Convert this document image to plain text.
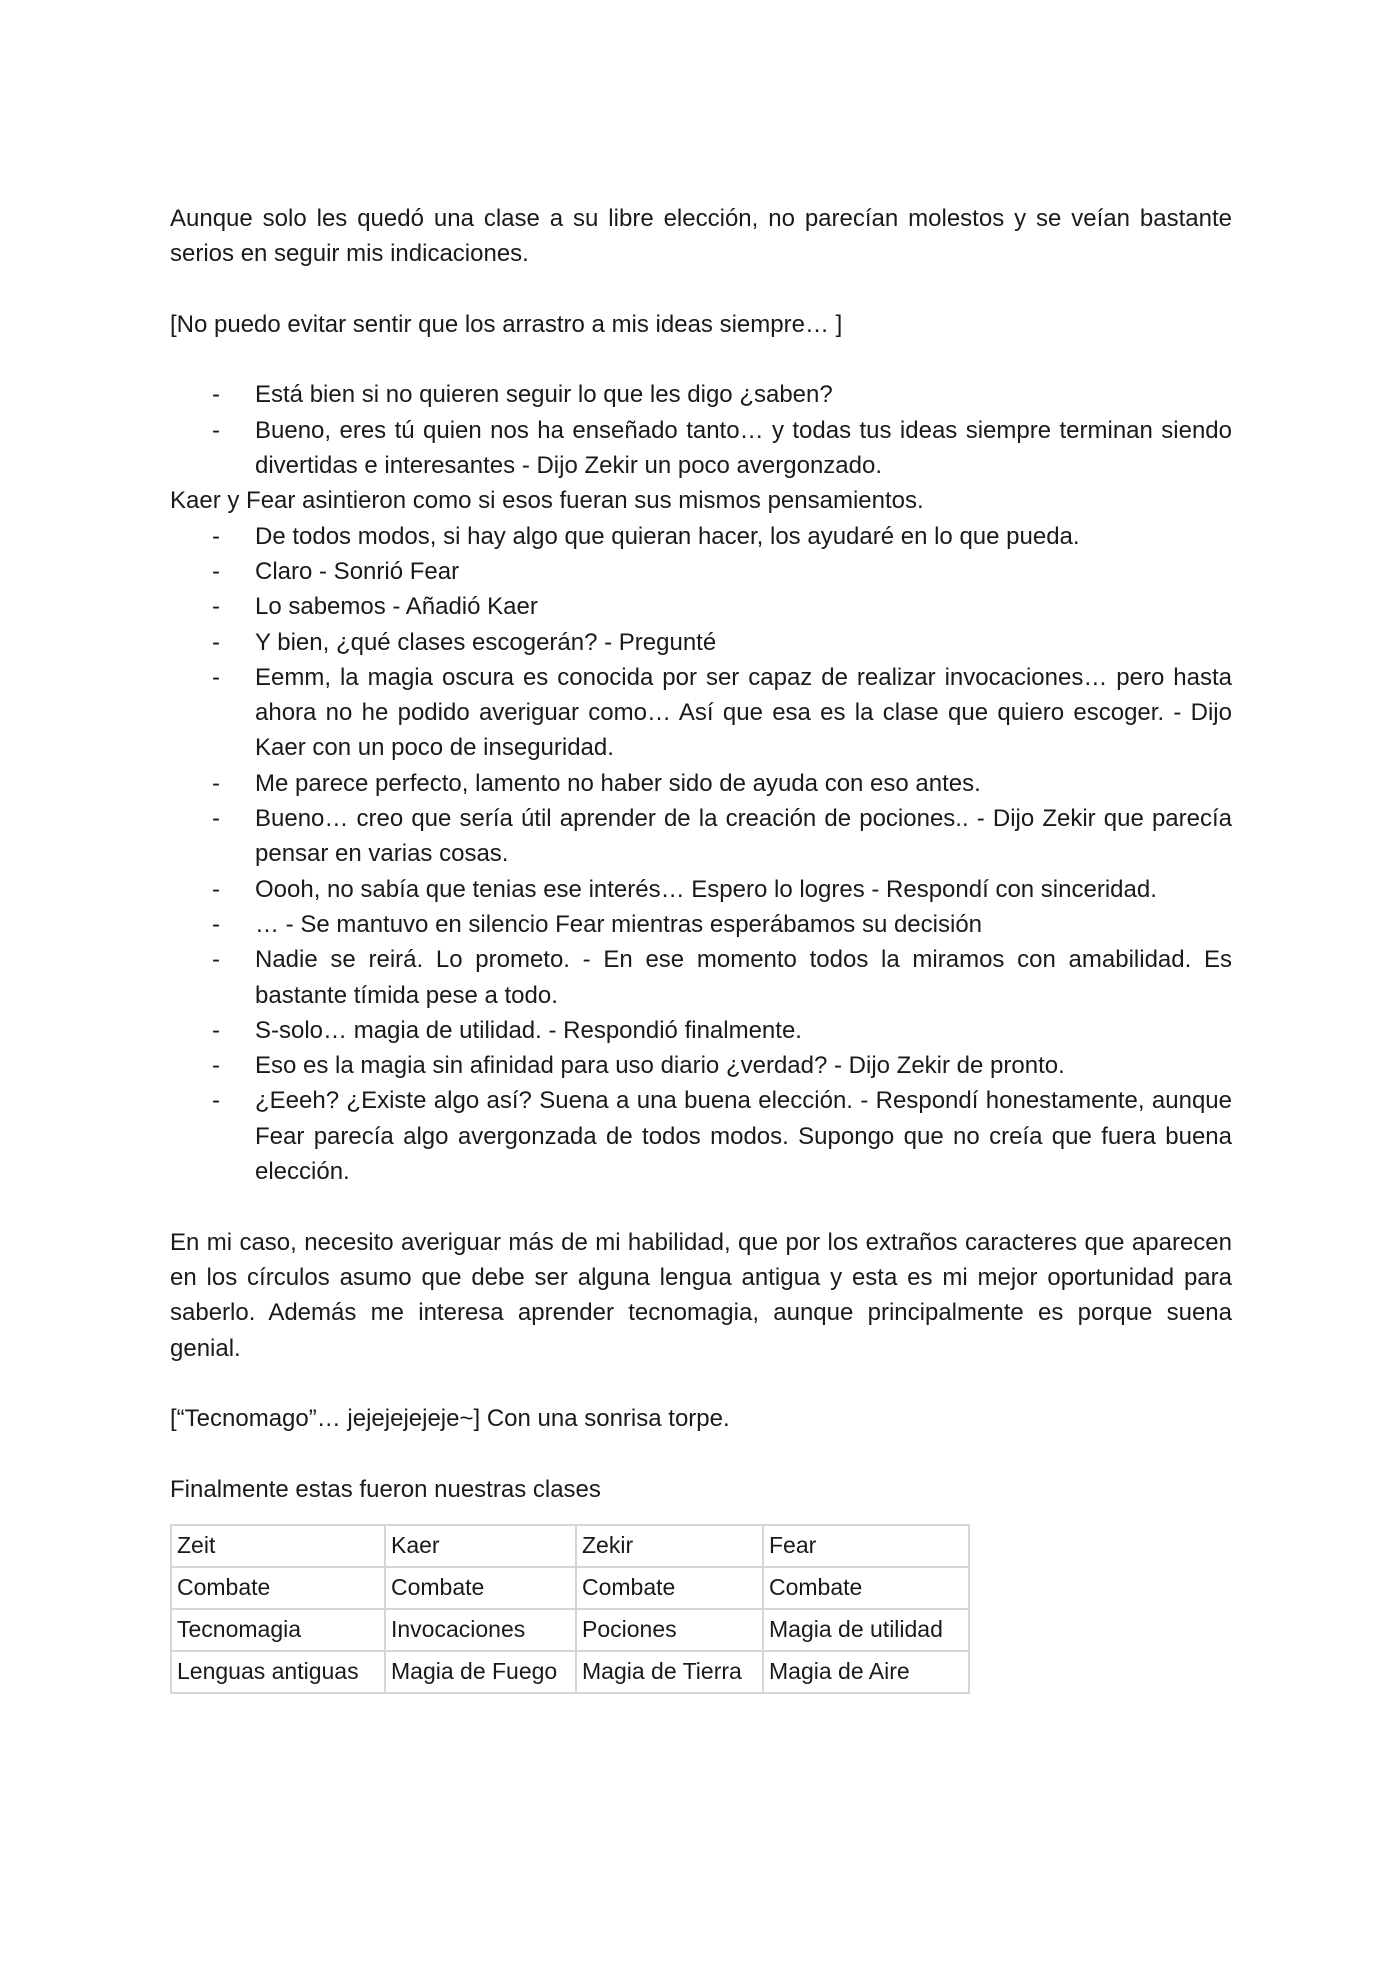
Aunque solo les quedó una clase a su libre elección, no parecían molestos y se veían bastante serios en seguir mis indicaciones.

[No puedo evitar sentir que los arrastro a mis ideas siempre… ]

- Está bien si no quieren seguir lo que les digo ¿saben?
- Bueno, eres tú quien nos ha enseñado tanto… y todas tus ideas siempre terminan siendo divertidas e interesantes - Dijo Zekir un poco avergonzado.

Kaer y Fear asintieron como si esos fueran sus mismos pensamientos.

- De todos modos, si hay algo que quieran hacer, los ayudaré en lo que pueda.
- Claro - Sonrió Fear
- Lo sabemos - Añadió Kaer
- Y bien, ¿qué clases escogerán? - Pregunté
- Eemm, la magia oscura es conocida por ser capaz de realizar invocaciones… pero hasta ahora no he podido averiguar como… Así que esa es la clase que quiero escoger. - Dijo Kaer con un poco de inseguridad.
- Me parece perfecto, lamento no haber sido de ayuda con eso antes.
- Bueno… creo que sería útil aprender de la creación de pociones.. - Dijo Zekir que parecía pensar en varias cosas.
- Oooh, no sabía que tenias ese interés… Espero lo logres - Respondí con sinceridad.
- … - Se mantuvo en silencio Fear mientras esperábamos su decisión
- Nadie se reirá. Lo prometo. - En ese momento todos la miramos con amabilidad. Es bastante tímida pese a todo.
- S-solo… magia de utilidad. - Respondió finalmente.
- Eso es la magia sin afinidad para uso diario ¿verdad? - Dijo Zekir de pronto.
- ¿Eeeh? ¿Existe algo así? Suena a una buena elección. - Respondí honestamente, aunque Fear parecía algo avergonzada de todos modos. Supongo que no creía que fuera buena elección.

En mi caso, necesito averiguar más de mi habilidad, que por los extraños caracteres que aparecen en los círculos asumo que debe ser alguna lengua antigua y esta es mi mejor oportunidad para saberlo. Además me interesa aprender tecnomagia, aunque principalmente es porque suena genial.

[“Tecnomago”… jejejejejeje~] Con una sonrisa torpe.

Finalmente estas fueron nuestras clases

Zeit	Kaer	Zekir	Fear
Combate	Combate	Combate	Combate
Tecnomagia	Invocaciones	Pociones	Magia de utilidad
Lenguas antiguas	Magia de Fuego	Magia de Tierra	Magia de Aire
